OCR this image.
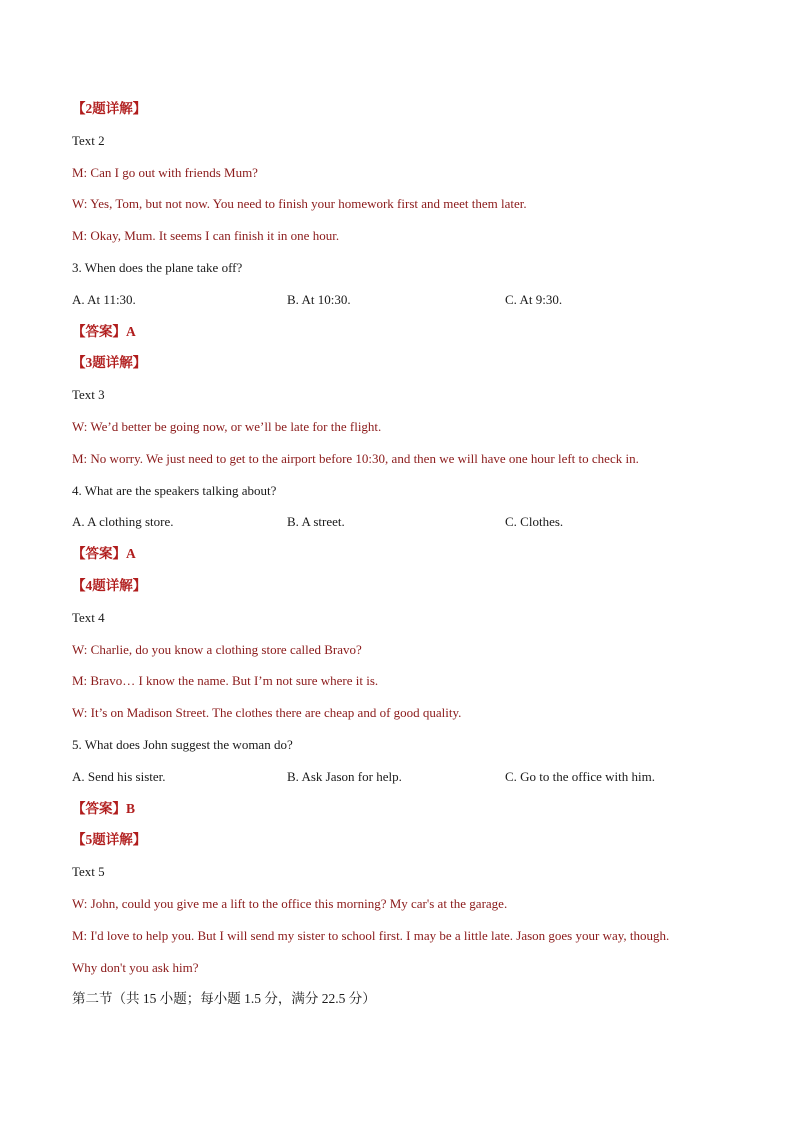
【2题详解】
Text 2
M: Can I go out with friends Mum?
W: Yes, Tom, but not now. You need to finish your homework first and meet them later.
M: Okay, Mum. It seems I can finish it in one hour.
3. When does the plane take off?
A. At 11:30.	B. At 10:30.	C. At 9:30.
【答案】A
【3题详解】
Text 3
W: We’d better be going now, or we’ll be late for the flight.
M: No worry. We just need to get to the airport before 10:30, and then we will have one hour left to check in.
4. What are the speakers talking about?
A. A clothing store.	B. A street.	C. Clothes.
【答案】A
【4题详解】
Text 4
W: Charlie, do you know a clothing store called Bravo?
M: Bravo… I know the name. But I’m not sure where it is.
W: It’s on Madison Street. The clothes there are cheap and of good quality.
5. What does John suggest the woman do?
A. Send his sister.	B. Ask Jason for help.	C. Go to the office with him.
【答案】B
【5题详解】
Text 5
W: John, could you give me a lift to the office this morning? My car's at the garage.
M: I'd love to help you. But I will send my sister to school first. I may be a little late. Jason goes your way, though.
Why don't you ask him?
第二节（共 15 小题；每小题 1.5 分，满分 22.5 分）
